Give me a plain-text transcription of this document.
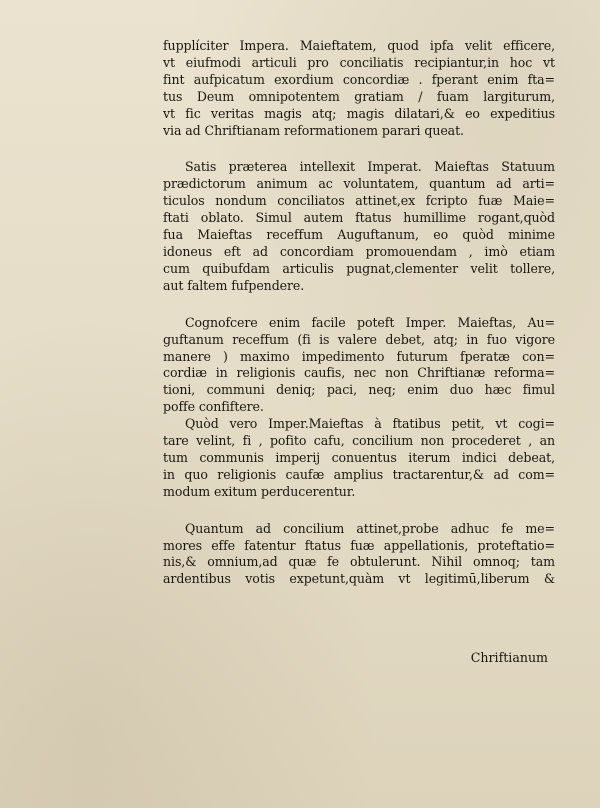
fupplíciter Impera. Maieftatem, quod ipfa velit efficere,
vt eiufmodi articuli pro conciliatis recipiantur,in hoc vt
fint aufpicatum exordium concordiæ . fperant enim fta=
tus Deum omnipotentem gratiam / fuam largiturum,
vt fic veritas magis atq; magis dilatari,& eo expeditius
via ad Chriftianam reformationem parari queat.

Satis præterea intellexit Imperat. Maieftas Statuum
prædictorum animum ac voluntatem, quantum ad arti=
ticulos nondum conciliatos attinet,ex fcripto fuæ Maie=
ftati oblato. Simul autem ftatus humillime rogant,quòd
fua Maieftas receffum Auguftanum, eo quòd minime
idoneus eft ad concordiam promouendam , imò etiam
cum quibufdam articulis pugnat,clementer velit tollere,
aut faltem fufpendere.

Cognofcere enim facile poteft Imper. Maieftas, Au=
guftanum receffum (fi is valere debet, atq; in fuo vigore
manere ) maximo impedimento futurum fperatæ con=
cordiæ in religionis caufis, nec non Chriftianæ reforma=
tioni, communi deniq; paci, neq; enim duo hæc fimul
poffe confiftere.

Quòd vero Imper.Maieftas à ftatibus petit, vt cogi=
tare velint, fi , pofito cafu, concilium non procederet , an
tum communis imperij conuentus iterum indici debeat,
in quo religionis caufæ amplius tractarentur,& ad com=
modum exitum perducerentur.

Quantum ad concilium attinet,probe adhuc fe me=
mores effe fatentur ftatus fuæ appellationis, proteftatio=
nis,& omnium,ad quæ fe obtulerunt. Nihil omnoq; tam
ardentibus votis expetunt,quàm vt legitimū,liberum &

Chriftianum
